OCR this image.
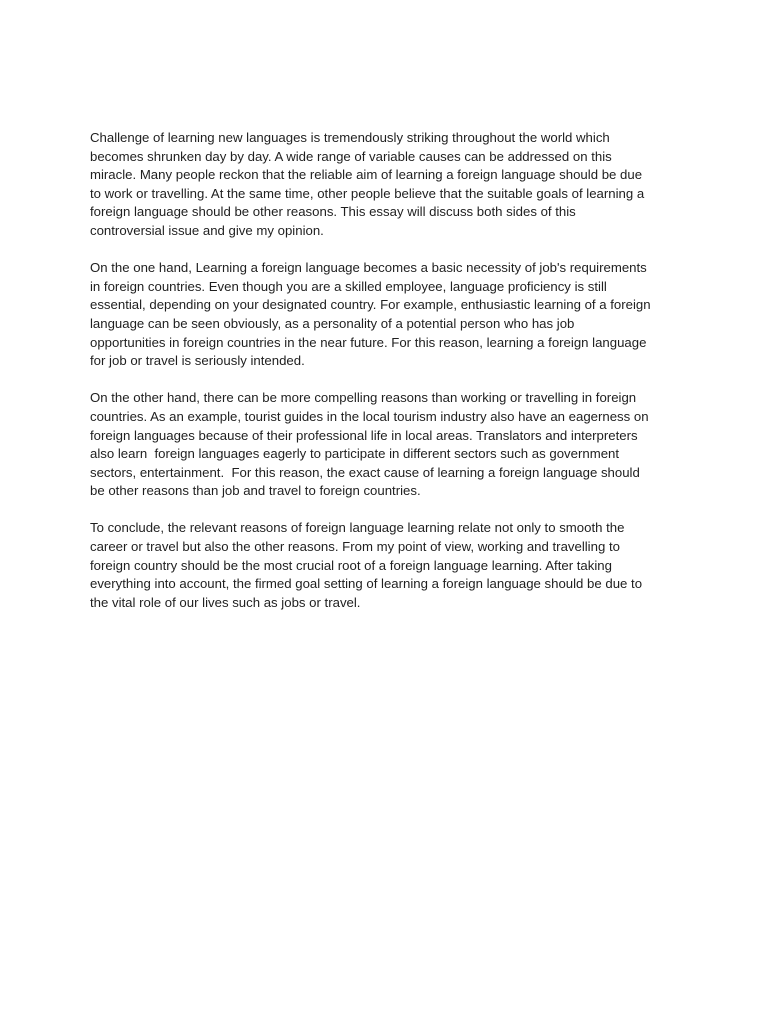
Challenge of learning new languages is tremendously striking throughout the world which
becomes shrunken day by day. A wide range of variable causes can be addressed on this
miracle. Many people reckon that the reliable aim of learning a foreign language should be due
to work or travelling. At the same time, other people believe that the suitable goals of learning a
foreign language should be other reasons. This essay will discuss both sides of this
controversial issue and give my opinion.
On the one hand, Learning a foreign language becomes a basic necessity of job's requirements
in foreign countries. Even though you are a skilled employee, language proficiency is still
essential, depending on your designated country. For example, enthusiastic learning of a foreign
language can be seen obviously, as a personality of a potential person who has job
opportunities in foreign countries in the near future. For this reason, learning a foreign language
for job or travel is seriously intended.
On the other hand, there can be more compelling reasons than working or travelling in foreign
countries. As an example, tourist guides in the local tourism industry also have an eagerness on
foreign languages because of their professional life in local areas. Translators and interpreters
also learn  foreign languages eagerly to participate in different sectors such as government
sectors, entertainment.  For this reason, the exact cause of learning a foreign language should
be other reasons than job and travel to foreign countries.
To conclude, the relevant reasons of foreign language learning relate not only to smooth the
career or travel but also the other reasons. From my point of view, working and travelling to
foreign country should be the most crucial root of a foreign language learning. After taking
everything into account, the firmed goal setting of learning a foreign language should be due to
the vital role of our lives such as jobs or travel.
